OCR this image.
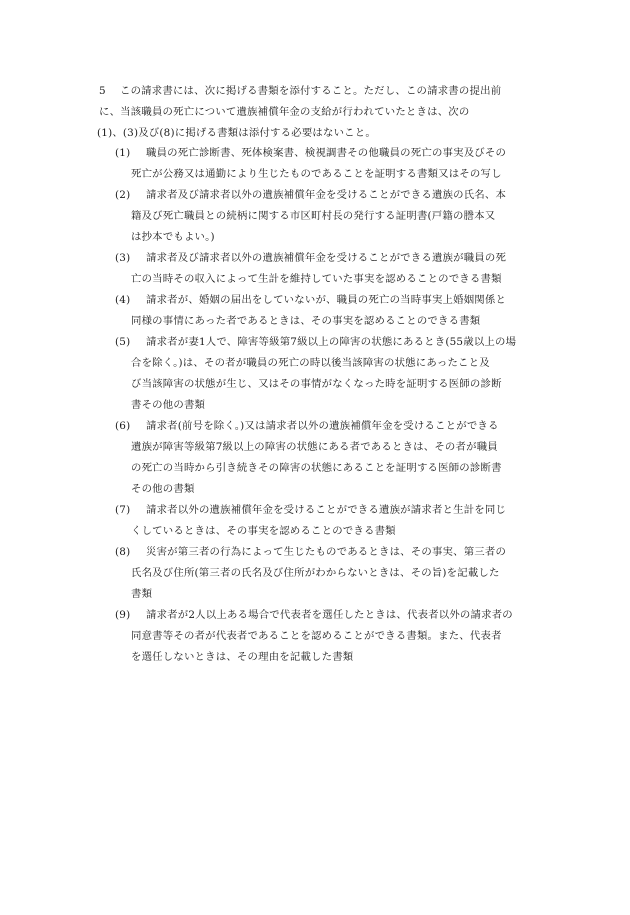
5 この請求書には、次に掲げる書類を添付すること。ただし、この請求書の提出前
に、当該職員の死亡について遺族補償年金の支給が行われていたときは、次の
(1)、(3)及び(8)に掲げる書類は添付する必要はないこと。
(1) 職員の死亡診断書、死体検案書、検視調書その他職員の死亡の事実及びその
死亡が公務又は通勤により生じたものであることを証明する書類又はその写し
(2) 請求者及び請求者以外の遺族補償年金を受けることができる遺族の氏名、本
籍及び死亡職員との続柄に関する市区町村長の発行する証明書(戸籍の謄本又
は抄本でもよい。)
(3) 請求者及び請求者以外の遺族補償年金を受けることができる遺族が職員の死
亡の当時その収入によって生計を維持していた事実を認めることのできる書類
(4) 請求者が、婚姻の届出をしていないが、職員の死亡の当時事実上婚姻関係と
同様の事情にあった者であるときは、その事実を認めることのできる書類
(5) 請求者が妻1人で、障害等級第7級以上の障害の状態にあるとき(55歳以上の場
合を除く。)は、その者が職員の死亡の時以後当該障害の状態にあったこと及
び当該障害の状態が生じ、又はその事情がなくなった時を証明する医師の診断
書その他の書類
(6) 請求者(前号を除く。)又は請求者以外の遺族補償年金を受けることができる
遺族が障害等級第7級以上の障害の状態にある者であるときは、その者が職員
の死亡の当時から引き続きその障害の状態にあることを証明する医師の診断書
その他の書類
(7) 請求者以外の遺族補償年金を受けることができる遺族が請求者と生計を同じ
くしているときは、その事実を認めることのできる書類
(8) 災害が第三者の行為によって生じたものであるときは、その事実、第三者の
氏名及び住所(第三者の氏名及び住所がわからないときは、その旨)を記載した
書類
(9) 請求者が2人以上ある場合で代表者を選任したときは、代表者以外の請求者の
同意書等その者が代表者であることを認めることができる書類。また、代表者
を選任しないときは、その理由を記載した書類
